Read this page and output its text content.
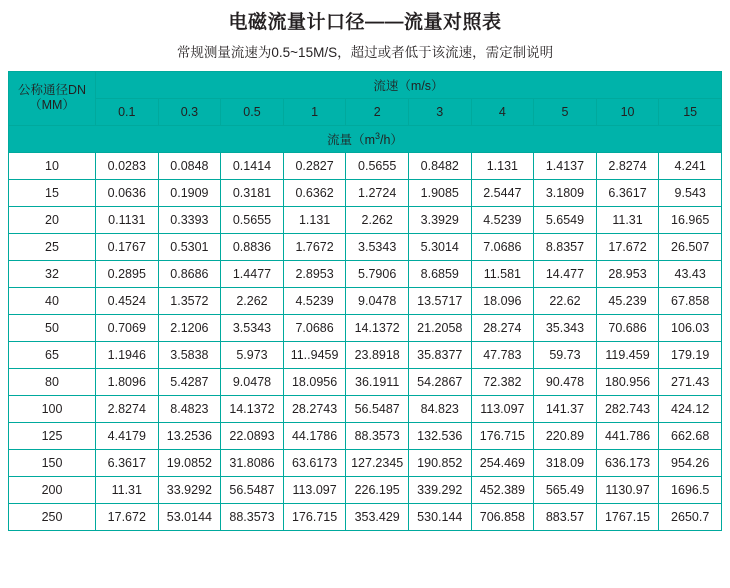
电磁流量计口径——流量对照表
常规测量流速为0.5~15M/S，超过或者低于该流速，需定制说明
公称通径DN
（MM）	流速（m/s）									
	0.1	0.3	0.5	1	2	3	4	5	10	15
流量$(m^3/h)$										
10	0.0283	0.0848	0.1414	0.2827	0.5655	0.8482	1.131	1.4137	2.8274	4.241
15	0.0636	0.1909	0.3181	0.6362	1.2724	1.9085	2.5447	3.1809	6.3617	9.543
20	0.1131	0.3393	0.5655	1.131	2.262	3.3929	4.5239	5.6549	11.31	16.965
25	0.1767	0.5301	0.8836	1.7672	3.5343	5.3014	7.0686	8.8357	17.672	26.507
32	0.2895	0.8686	1.4477	2.8953	5.7906	8.6859	11.581	14.477	28.953	43.43
40	0.4524	1.3572	2.262	4.5239	9.0478	13.5717	18.096	22.62	45.239	67.858
50	0.7069	2.1206	3.5343	7.0686	14.1372	21.2058	28.274	35.343	70.686	106.03
65	1.1946	3.5838	5.973	11..9459	23.8918	35.8377	47.783	59.73	119.459	179.19
80	1.8096	5.4287	9.0478	18.0956	36.1911	54.2867	72.382	90.478	180.956	271.43
100	2.8274	8.4823	14.1372	28.2743	56.5487	84.823	113.097	141.37	282.743	424.12
125	4.4179	13.2536	22.0893	44.1786	88.3573	132.536	176.715	220.89	441.786	662.68
150	6.3617	19.0852	31.8086	63.6173	127.2345	190.852	254.469	318.09	636.173	954.26
200	11.31	33.9292	56.5487	113.097	226.195	339.292	452.389	565.49	1130.97	1696.5
250	17.672	53.0144	88.3573	176.715	353.429	530.144	706.858	883.57	1767.15	2650.7
